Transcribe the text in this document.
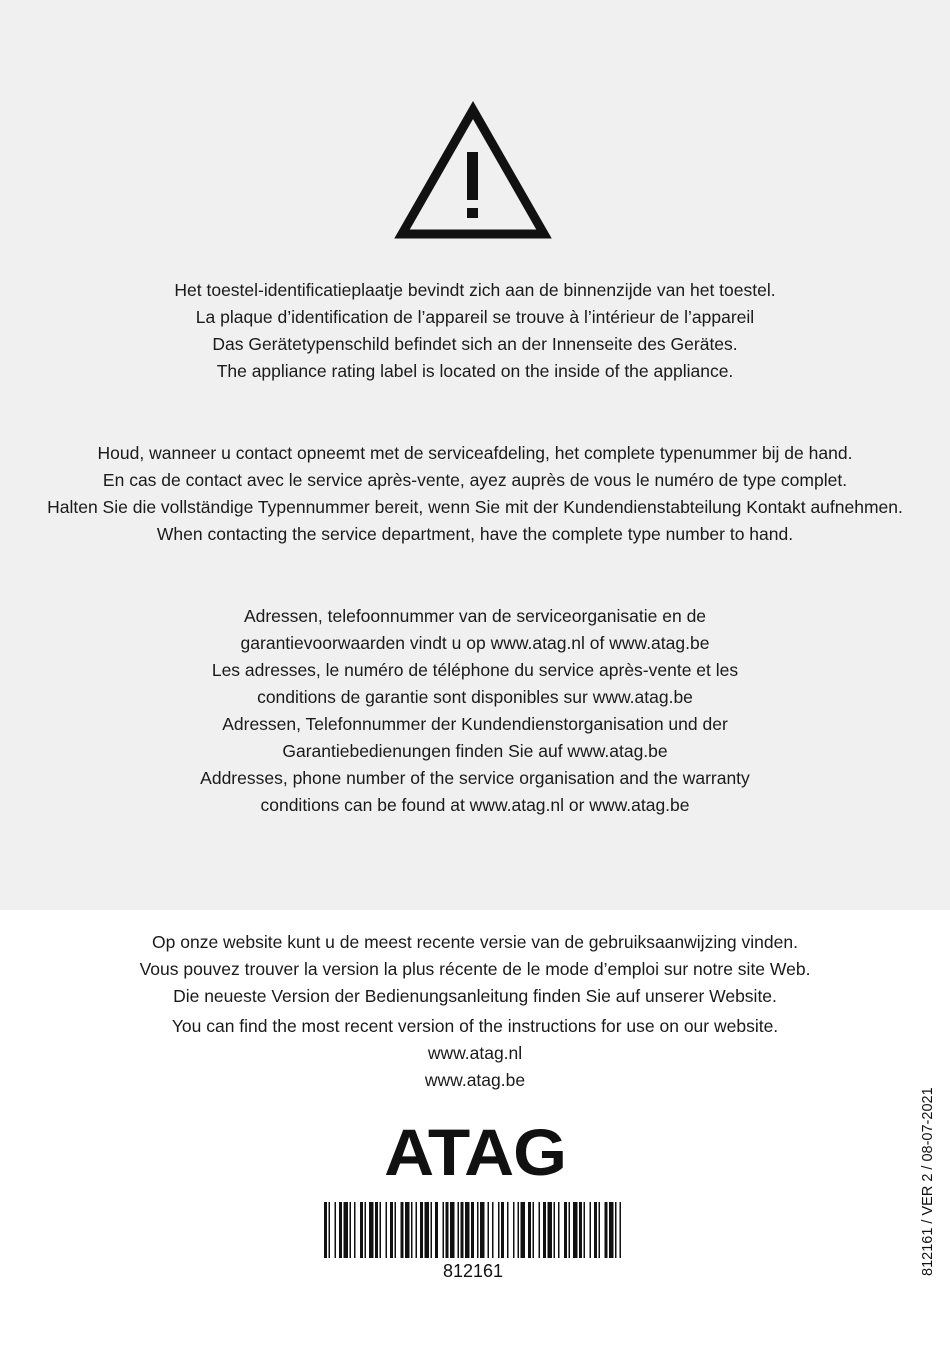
Het toestel-identificatieplaatje bevindt zich aan de binnenzijde van het toestel.
La plaque d’identification de l’appareil se trouve à l’intérieur de l’appareil
Das Gerätetypenschild befindet sich an der Innenseite des Gerätes.
The appliance rating label is located on the inside of the appliance.
Houd, wanneer u contact opneemt met de serviceafdeling, het complete typenummer bij de hand.
En cas de contact avec le service après-vente, ayez auprès de vous le numéro de type complet.
Halten Sie die vollständige Typennummer bereit, wenn Sie mit der Kundendienstabteilung Kontakt aufnehmen.
When contacting the service department, have the complete type number to hand.
Adressen, telefoonnummer van de serviceorganisatie en de
garantievoorwaarden vindt u op www.atag.nl of www.atag.be
Les adresses, le numéro de téléphone du service après-vente et les
conditions de garantie sont disponibles sur www.atag.be
Adressen, Telefonnummer der Kundendienstorganisation und der
Garantiebedienungen finden Sie auf www.atag.be
Addresses, phone number of the service organisation and the warranty
conditions can be found at www.atag.nl or www.atag.be
Op onze website kunt u de meest recente versie van de gebruiksaanwijzing vinden.
Vous pouvez trouver la version la plus récente de le mode d’emploi sur notre site Web.
Die neueste Version der Bedienungsanleitung finden Sie auf unserer Website.
You can find the most recent version of the instructions for use on our website.
www.atag.nl
www.atag.be
ATAG
812161	812161 / VER 2 / 08-07-2021
